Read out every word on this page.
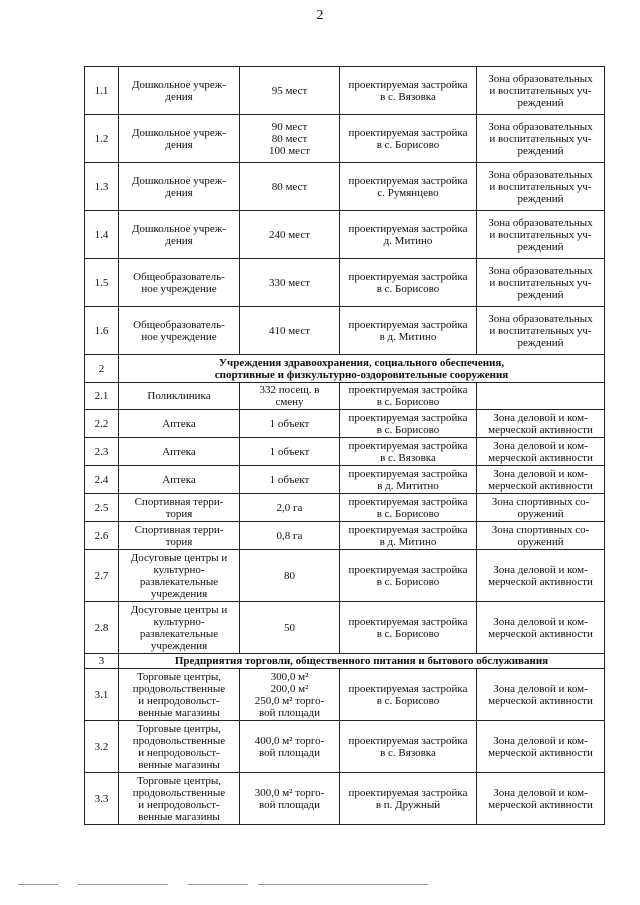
2
1.1	Дошкольное учреж-
дения	95 мест	проектируемая застройка
в с. Вязовка	Зона образовательных
и воспитательных уч-
реждений

1.2	Дошкольное учреж-
дения	90 мест
80 мест
100 мест	проектируемая застройка
в с. Борисово	Зона образовательных
и воспитательных уч-
реждений

1.3	Дошкольное учреж-
дения	80 мест	проектируемая застройка
с. Румянцево	Зона образовательных
и воспитательных уч-
реждений

1.4	Дошкольное учреж-
дения	240 мест	проектируемая застройка
д. Митино	Зона образовательных
и воспитательных уч-
реждений

1.5	Общеобразователь-
ное учреждение	330 мест	проектируемая застройка
в с. Борисово	Зона образовательных
и воспитательных уч-
реждений

1.6	Общеобразователь-
ное учреждение	410 мест	проектируемая застройка
в д. Митино	Зона образовательных
и воспитательных уч-
реждений

2	Учреждения здравоохранения, социального обеспечения,
спортивные и физкультурно-оздоровительные сооружения			

2.1	Поликлиника	332 посещ. в
смену	проектируемая застройка
в с. Борисово	

2.2	Аптека	1 объект	проектируемая застройка
в с. Борисово	Зона деловой и ком-
мерческой активности

2.3	Аптека	1 объект	проектируемая застройка
в с. Вязовка	Зона деловой и ком-
мерческой активности

2.4	Аптека	1 объект	проектируемая застройка
в д. Мититно	Зона деловой и ком-
мерческой активности

2.5	Спортивная терри-
тория	2,0 га	проектируемая застройка
в с. Борисово	Зона спортивных со-
оружений

2.6	Спортивная терри-
тория	0,8 га	проектируемая застройка
в д. Митино	Зона спортивных со-
оружений

2.7	Досуговые центры и
культурно-
развлекательные
учреждения	80	проектируемая застройка
в с. Борисово	Зона деловой и ком-
мерческой активности

2.8	Досуговые центры и
культурно-
развлекательные
учреждения	50	проектируемая застройка
в с. Борисово	Зона деловой и ком-
мерческой активности

3	Предприятия торговли, общественного питания и бытового обслуживания			

3.1	Торговые центры,
продовольственные
и непродовольст-
венные магазины	300,0 м²
200,0 м²
250,0 м² торго-
вой площади	проектируемая застройка
в с. Борисово	Зона деловой и ком-
мерческой активности

3.2	Торговые центры,
продовольственные
и непродовольст-
венные магазины	400,0 м² торго-
вой площади	проектируемая застройка
в с. Вязовка	Зона деловой и ком-
мерческой активности

3.3	Торговые центры,
продовольственные
и непродовольст-
венные магазины	300,0 м² торго-
вой площади	проектируемая застройка
в п. Дружный	Зона деловой и ком-
мерческой активности
